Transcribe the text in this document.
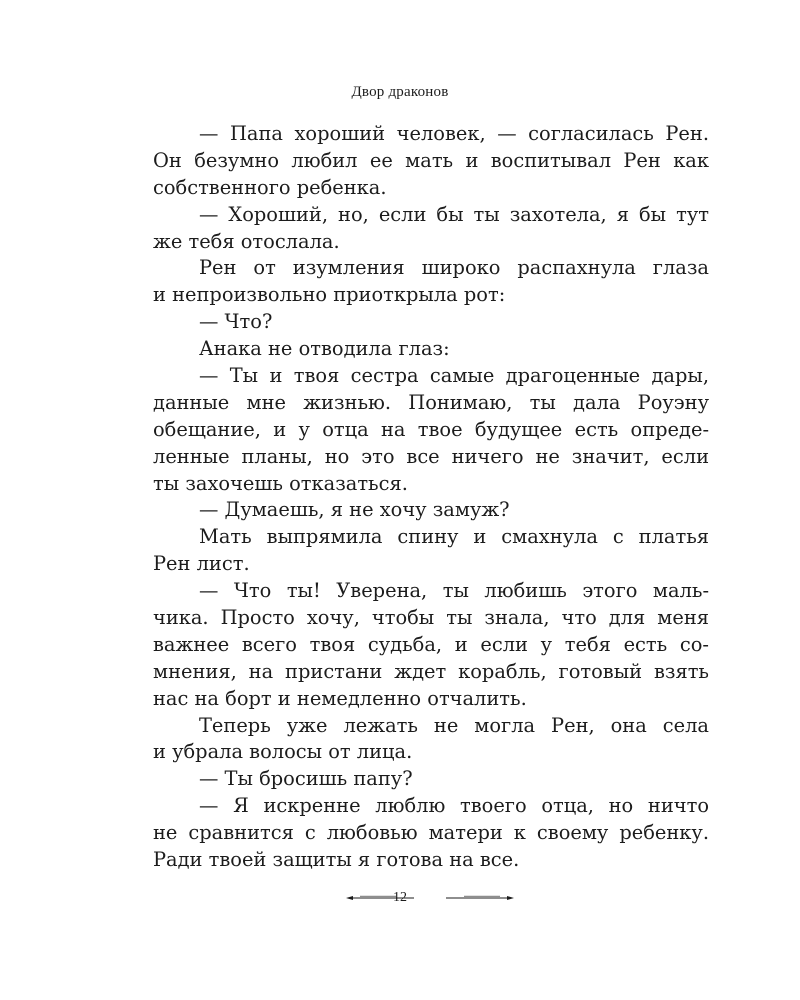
Двор драконов
— Папа хороший человек, — согласилась Рен.
Он безумно любил ее мать и воспитывал Рен как
собственного ребенка.
— Хороший, но, если бы ты захотела, я бы тут
же тебя отослала.
Рен от изумления широко распахнула глаза
и непроизвольно приоткрыла рот:
— Что?
Анака не отводила глаз:
— Ты и твоя сестра самые драгоценные дары,
данные мне жизнью. Понимаю, ты дала Роуэну
обещание, и у отца на твое будущее есть опреде-
ленные планы, но это все ничего не значит, если
ты захочешь отказаться.
— Думаешь, я не хочу замуж?
Мать выпрямила спину и смахнула с платья
Рен лист.
— Что ты! Уверена, ты любишь этого маль-
чика. Просто хочу, чтобы ты знала, что для меня
важнее всего твоя судьба, и если у тебя есть со-
мнения, на пристани ждет корабль, готовый взять
нас на борт и немедленно отчалить.
Теперь уже лежать не могла Рен, она села
и убрала волосы от лица.
— Ты бросишь папу?
— Я искренне люблю твоего отца, но ничто
не сравнится с любовью матери к своему ребенку.
Ради твоей защиты я готова на все.
12
